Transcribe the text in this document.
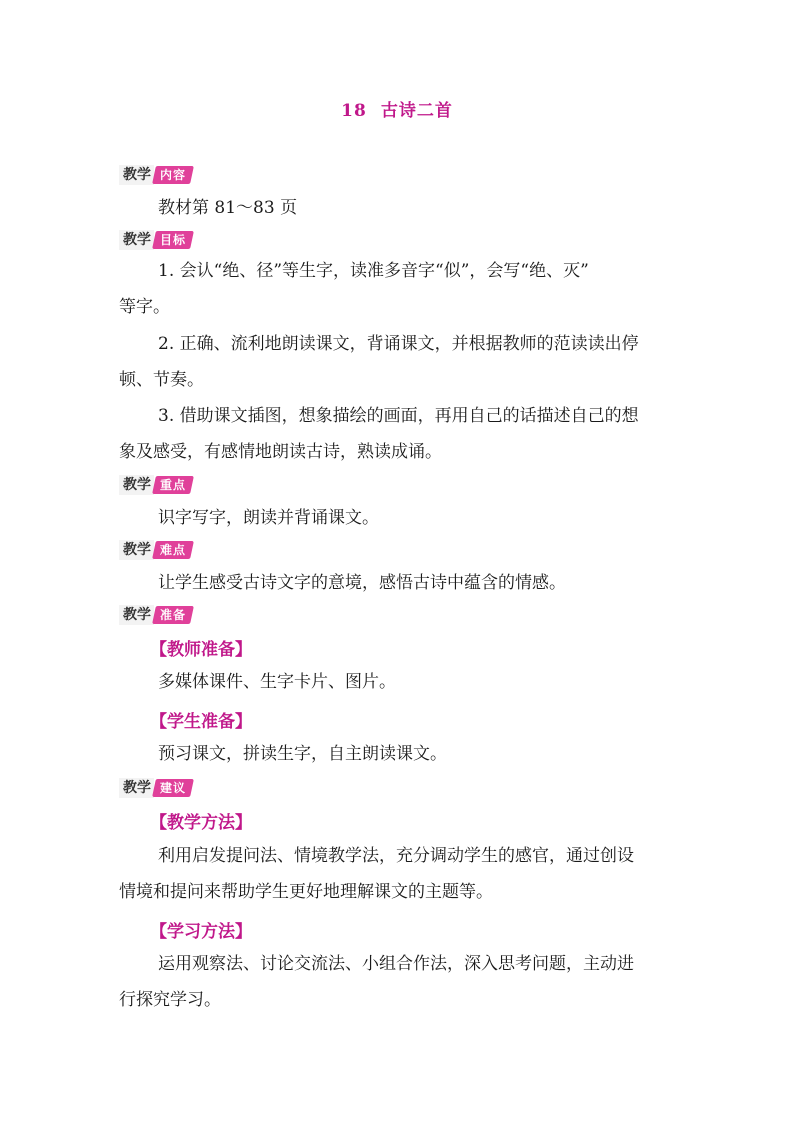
18 古诗二首
教学 内容
教材第 81～83 页
教学 目标
1. 会认“绝、径”等生字，读准多音字“似”，会写“绝、灭”
等字。
2. 正确、流利地朗读课文，背诵课文，并根据教师的范读读出停
顿、节奏。
3. 借助课文插图，想象描绘的画面，再用自己的话描述自己的想
象及感受，有感情地朗读古诗，熟读成诵。
教学 重点
识字写字，朗读并背诵课文。
教学 难点
让学生感受古诗文字的意境，感悟古诗中蕴含的情感。
教学 准备
【教师准备】
多媒体课件、生字卡片、图片。
【学生准备】
预习课文，拼读生字，自主朗读课文。
教学 建议
【教学方法】
利用启发提问法、情境教学法，充分调动学生的感官，通过创设
情境和提问来帮助学生更好地理解课文的主题等。
【学习方法】
运用观察法、讨论交流法、小组合作法，深入思考问题，主动进
行探究学习。
